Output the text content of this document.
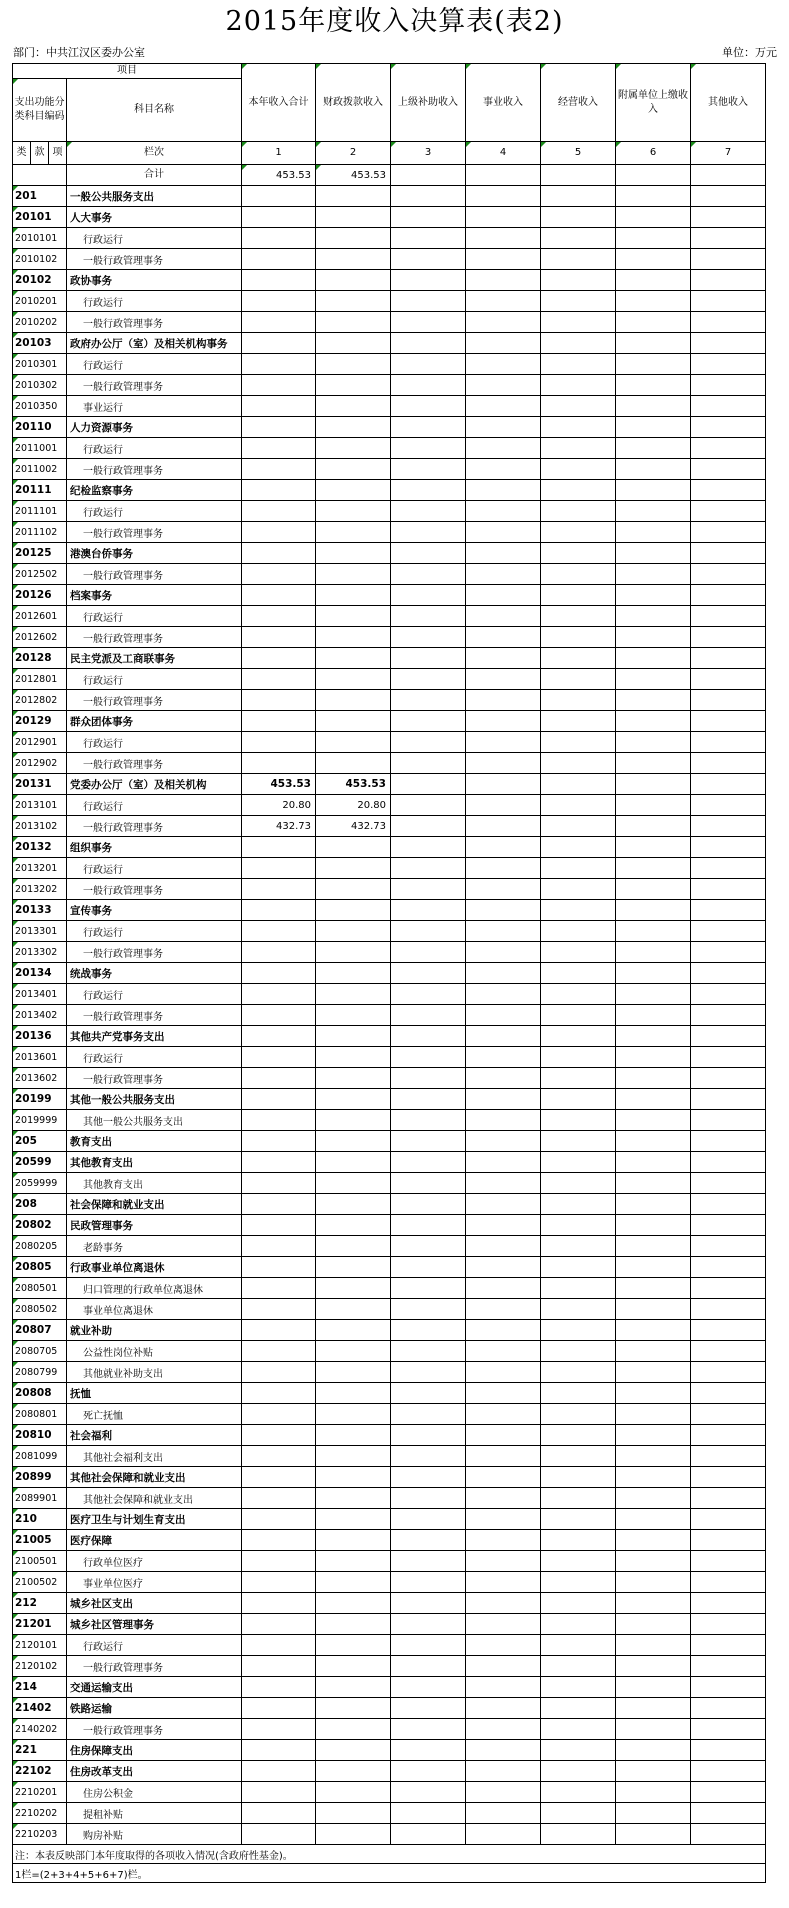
2015年度收入决算表(表2)
部门：中共江汉区委办公室	单位：万元
项目				本年收入合计	财政拨款收入	上级补助收入	事业收入	经营收入	附属单位上缴收入	其他收入	
支出功能分类科目编码			科目名称								
类	款	项									

			栏次	1	2	3	4	5	6	7	
			合计	453.53	453.53						
201			一般公共服务支出								
20101			人大事务								
2010101			行政运行								
2010102			一般行政管理事务								
20102			政协事务								
2010201			行政运行								
2010202			一般行政管理事务								
20103			政府办公厅（室）及相关机构事务								
2010301			行政运行								
2010302			一般行政管理事务								
2010350			事业运行								
20110			人力资源事务								
2011001			行政运行								
2011002			一般行政管理事务								
20111			纪检监察事务								
2011101			行政运行								
2011102			一般行政管理事务								
20125			港澳台侨事务								
2012502			一般行政管理事务								
20126			档案事务								
2012601			行政运行								
2012602			一般行政管理事务								
20128			民主党派及工商联事务								
2012801			行政运行								
2012802			一般行政管理事务								
20129			群众团体事务								
2012901			行政运行								
2012902			一般行政管理事务								
20131			党委办公厅（室）及相关机构	453.53	453.53						
2013101			行政运行	20.80	20.80						
2013102			一般行政管理事务	432.73	432.73						
20132			组织事务								
2013201			行政运行								
2013202			一般行政管理事务								
20133			宣传事务								
2013301			行政运行								
2013302			一般行政管理事务								
20134			统战事务								
2013401			行政运行								
2013402			一般行政管理事务								
20136			其他共产党事务支出								
2013601			行政运行								
2013602			一般行政管理事务								
20199			其他一般公共服务支出								
2019999			其他一般公共服务支出								
205			教育支出								
20599			其他教育支出								
2059999			其他教育支出								
208			社会保障和就业支出								
20802			民政管理事务								
2080205			老龄事务								
20805			行政事业单位离退休								
2080501			归口管理的行政单位离退休								
2080502			事业单位离退休								
20807			就业补助								
2080705			公益性岗位补贴								
2080799			其他就业补助支出								
20808			抚恤								
2080801			死亡抚恤								
20810			社会福利								
2081099			其他社会福利支出								
20899			其他社会保障和就业支出								
2089901			其他社会保障和就业支出								
210			医疗卫生与计划生育支出								
21005			医疗保障								
2100501			行政单位医疗								
2100502			事业单位医疗								
212			城乡社区支出								
21201			城乡社区管理事务								
2120101			行政运行								
2120102			一般行政管理事务								
214			交通运输支出								
21402			铁路运输								
2140202			一般行政管理事务								
221			住房保障支出								
22102			住房改革支出								
2210201			住房公积金								
2210202			提租补贴								
2210203			购房补贴								
注：本表反映部门本年度取得的各项收入情况(含政府性基金)。											
1栏=(2+3+4+5+6+7)栏。											
